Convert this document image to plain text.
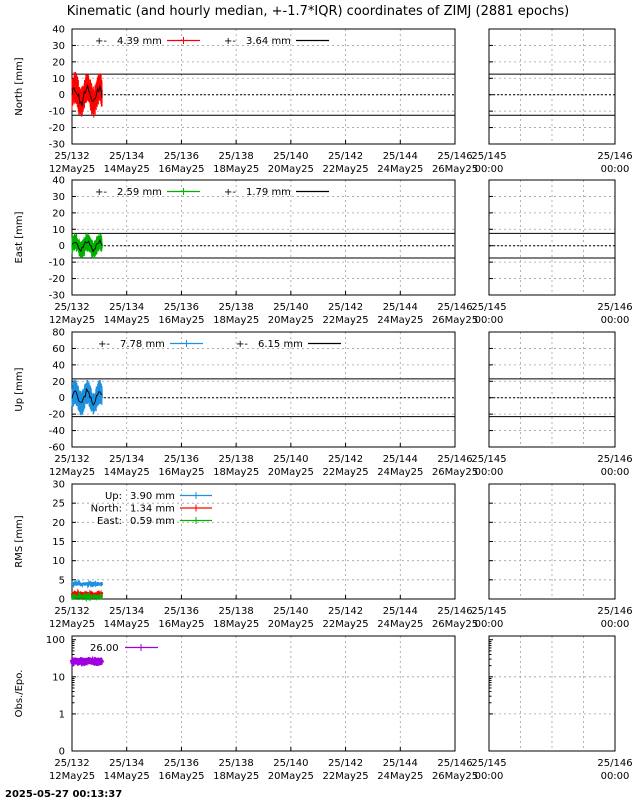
Kinematic (and hourly median, +-1.7*IQR) coordinates of ZIMJ (2881 epochs)
2025-05-27 00:13:37
-30
-20
-10
0
10
20
30
40
North [mm]
25/132
12May25
25/134
14May25
25/136
16May25
25/138
18May25
25/140
20May25
25/142
22May25
25/144
24May25
25/146
26May25
25/145
00:00
25/146
00:00
+- 4.39 mm	+- 3.64 mm
-30
-20
-10
0
10
20
30
40
East [mm]
25/132
12May25
25/134
14May25
25/136
16May25
25/138
18May25
25/140
20May25
25/142
22May25
25/144
24May25
25/146
26May25
25/145
00:00
25/146
00:00
+- 2.59 mm	+- 1.79 mm
-60
-40
-20
0
20
40
60
80
Up [mm]
25/132
12May25
25/134
14May25
25/136
16May25
25/138
18May25
25/140
20May25
25/142
22May25
25/144
24May25
25/146
26May25
25/145
00:00
25/146
00:00
+- 7.78 mm	+- 6.15 mm
0
5
10
15
20
25
30
RMS [mm]
25/132
12May25
25/134
14May25
25/136
16May25
25/138
18May25
25/140
20May25
25/142
22May25
25/144
24May25
25/146
26May25
25/145
00:00
25/146
00:00
Up: 3.90 mm
North: 1.34 mm
East: 0.59 mm
0
1
10
100
Obs./Epo.
25/132
12May25
25/134
14May25
25/136
16May25
25/138
18May25
25/140
20May25
25/142
22May25
25/144
24May25
25/146
26May25
25/145
00:00
25/146
00:00
26.00
